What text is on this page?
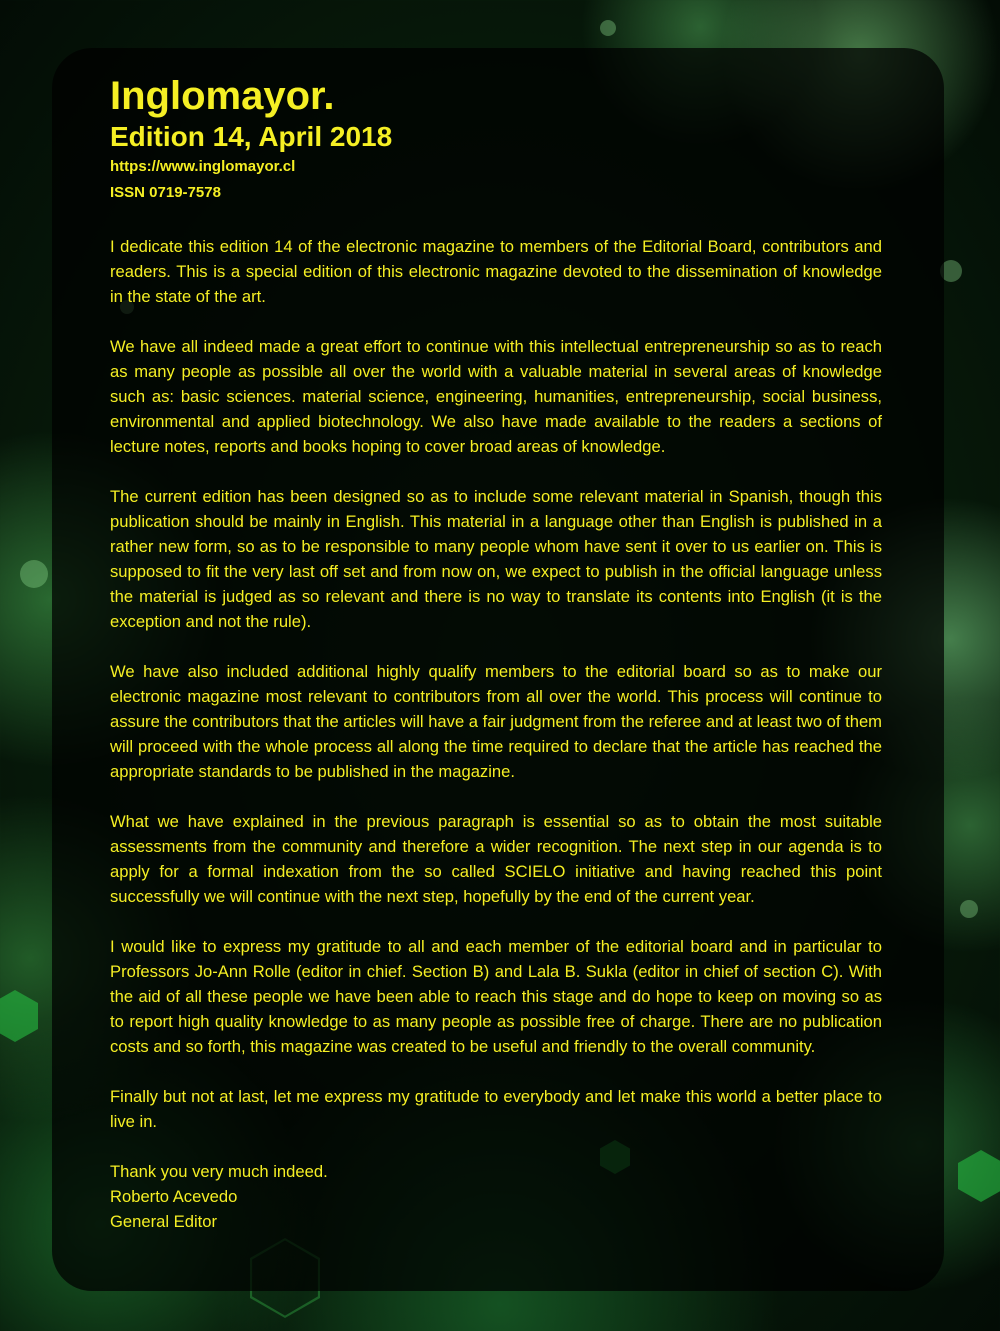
Inglomayor.
Edition 14, April 2018

https://www.inglomayor.cl

ISSN 0719-7578

I dedicate this edition 14 of the electronic magazine to members of the Editorial Board, contributors and readers. This is a special edition of this electronic magazine devoted to the dissemination of knowledge in the state of the art.

We have all indeed made a great effort to continue with this intellectual entrepreneurship so as to reach as many people as possible all over the world with a valuable material in several areas of knowledge such as: basic sciences. material science, engineering, humanities, entrepreneurship, social business, environmental and applied biotechnology. We also have made available to the readers a sections of lecture notes, reports and books hoping to cover broad areas of knowledge.

The current edition has been designed so as to include some relevant material in Spanish, though this publication should be mainly in English. This material in a language other than English is published in a rather new form, so as to be responsible to many people whom have sent it over to us earlier on. This is supposed to fit the very last off set and from now on, we expect to publish in the official language unless the material is judged as so relevant and there is no way to translate its contents into English (it is the exception and not the rule).

We have also included additional highly qualify members to the editorial board so as to make our electronic magazine most relevant to contributors from all over the world. This process will continue to assure the contributors that the articles will have a fair judgment from the referee and at least two of them will proceed with the whole process all along the time required to declare that the article has reached the appropriate standards to be published in the magazine.

What we have explained in the previous paragraph is essential so as to obtain the most suitable assessments from the community and therefore a wider recognition. The next step in our agenda is to apply for a formal indexation from the so called SCIELO initiative and having reached this point successfully we will continue with the next step, hopefully by the end of the current year.

I would like to express my gratitude to all and each member of the editorial board and in particular to Professors Jo-Ann Rolle (editor in chief. Section B) and Lala B. Sukla (editor in chief of section C). With the aid of all these people we have been able to reach this stage and do hope to keep on moving so as to report high quality knowledge to as many people as possible free of charge. There are no publication costs and so forth, this magazine was created to be useful and friendly to the overall community.

Finally but not at last, let me express my gratitude to everybody and let make this world a better place to live in.

Thank you very much indeed.

Roberto Acevedo

General Editor
